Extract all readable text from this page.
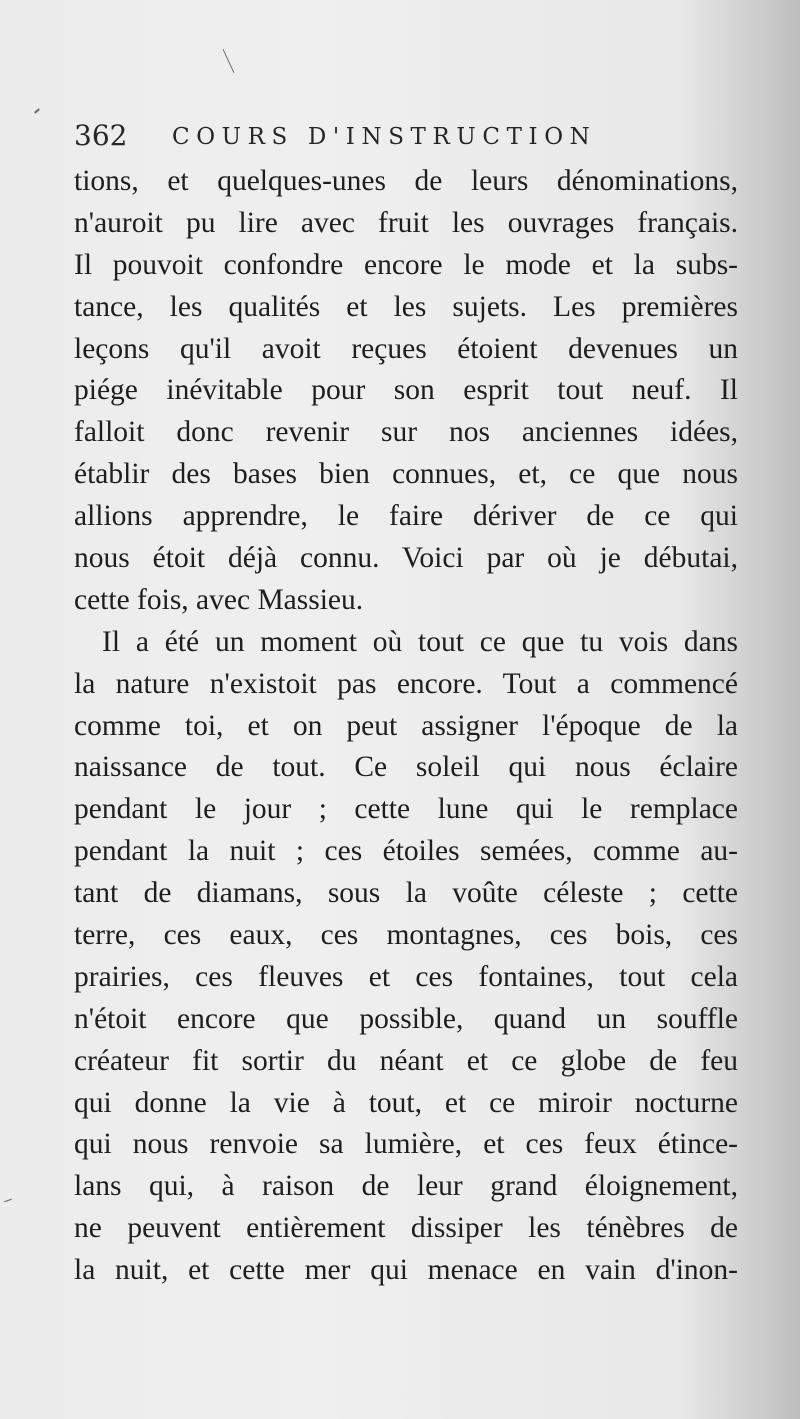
362 COURS D'INSTRUCTION
tions, et quelques-unes de leurs dénominations,
n'auroit pu lire avec fruit les ouvrages français.
Il pouvoit confondre encore le mode et la subs-
tance, les qualités et les sujets. Les premières
leçons qu'il avoit reçues étoient devenues un
piége inévitable pour son esprit tout neuf. Il
falloit donc revenir sur nos anciennes idées,
établir des bases bien connues, et, ce que nous
allions apprendre, le faire dériver de ce qui
nous étoit déjà connu. Voici par où je débutai,
cette fois, avec Massieu.
Il a été un moment où tout ce que tu vois dans
la nature n'existoit pas encore. Tout a commencé
comme toi, et on peut assigner l'époque de la
naissance de tout. Ce soleil qui nous éclaire
pendant le jour ; cette lune qui le remplace
pendant la nuit ; ces étoiles semées, comme au-
tant de diamans, sous la voûte céleste ; cette
terre, ces eaux, ces montagnes, ces bois, ces
prairies, ces fleuves et ces fontaines, tout cela
n'étoit encore que possible, quand un souffle
créateur fit sortir du néant et ce globe de feu
qui donne la vie à tout, et ce miroir nocturne
qui nous renvoie sa lumière, et ces feux étince-
lans qui, à raison de leur grand éloignement,
ne peuvent entièrement dissiper les ténèbres de
la nuit, et cette mer qui menace en vain d'inon-
